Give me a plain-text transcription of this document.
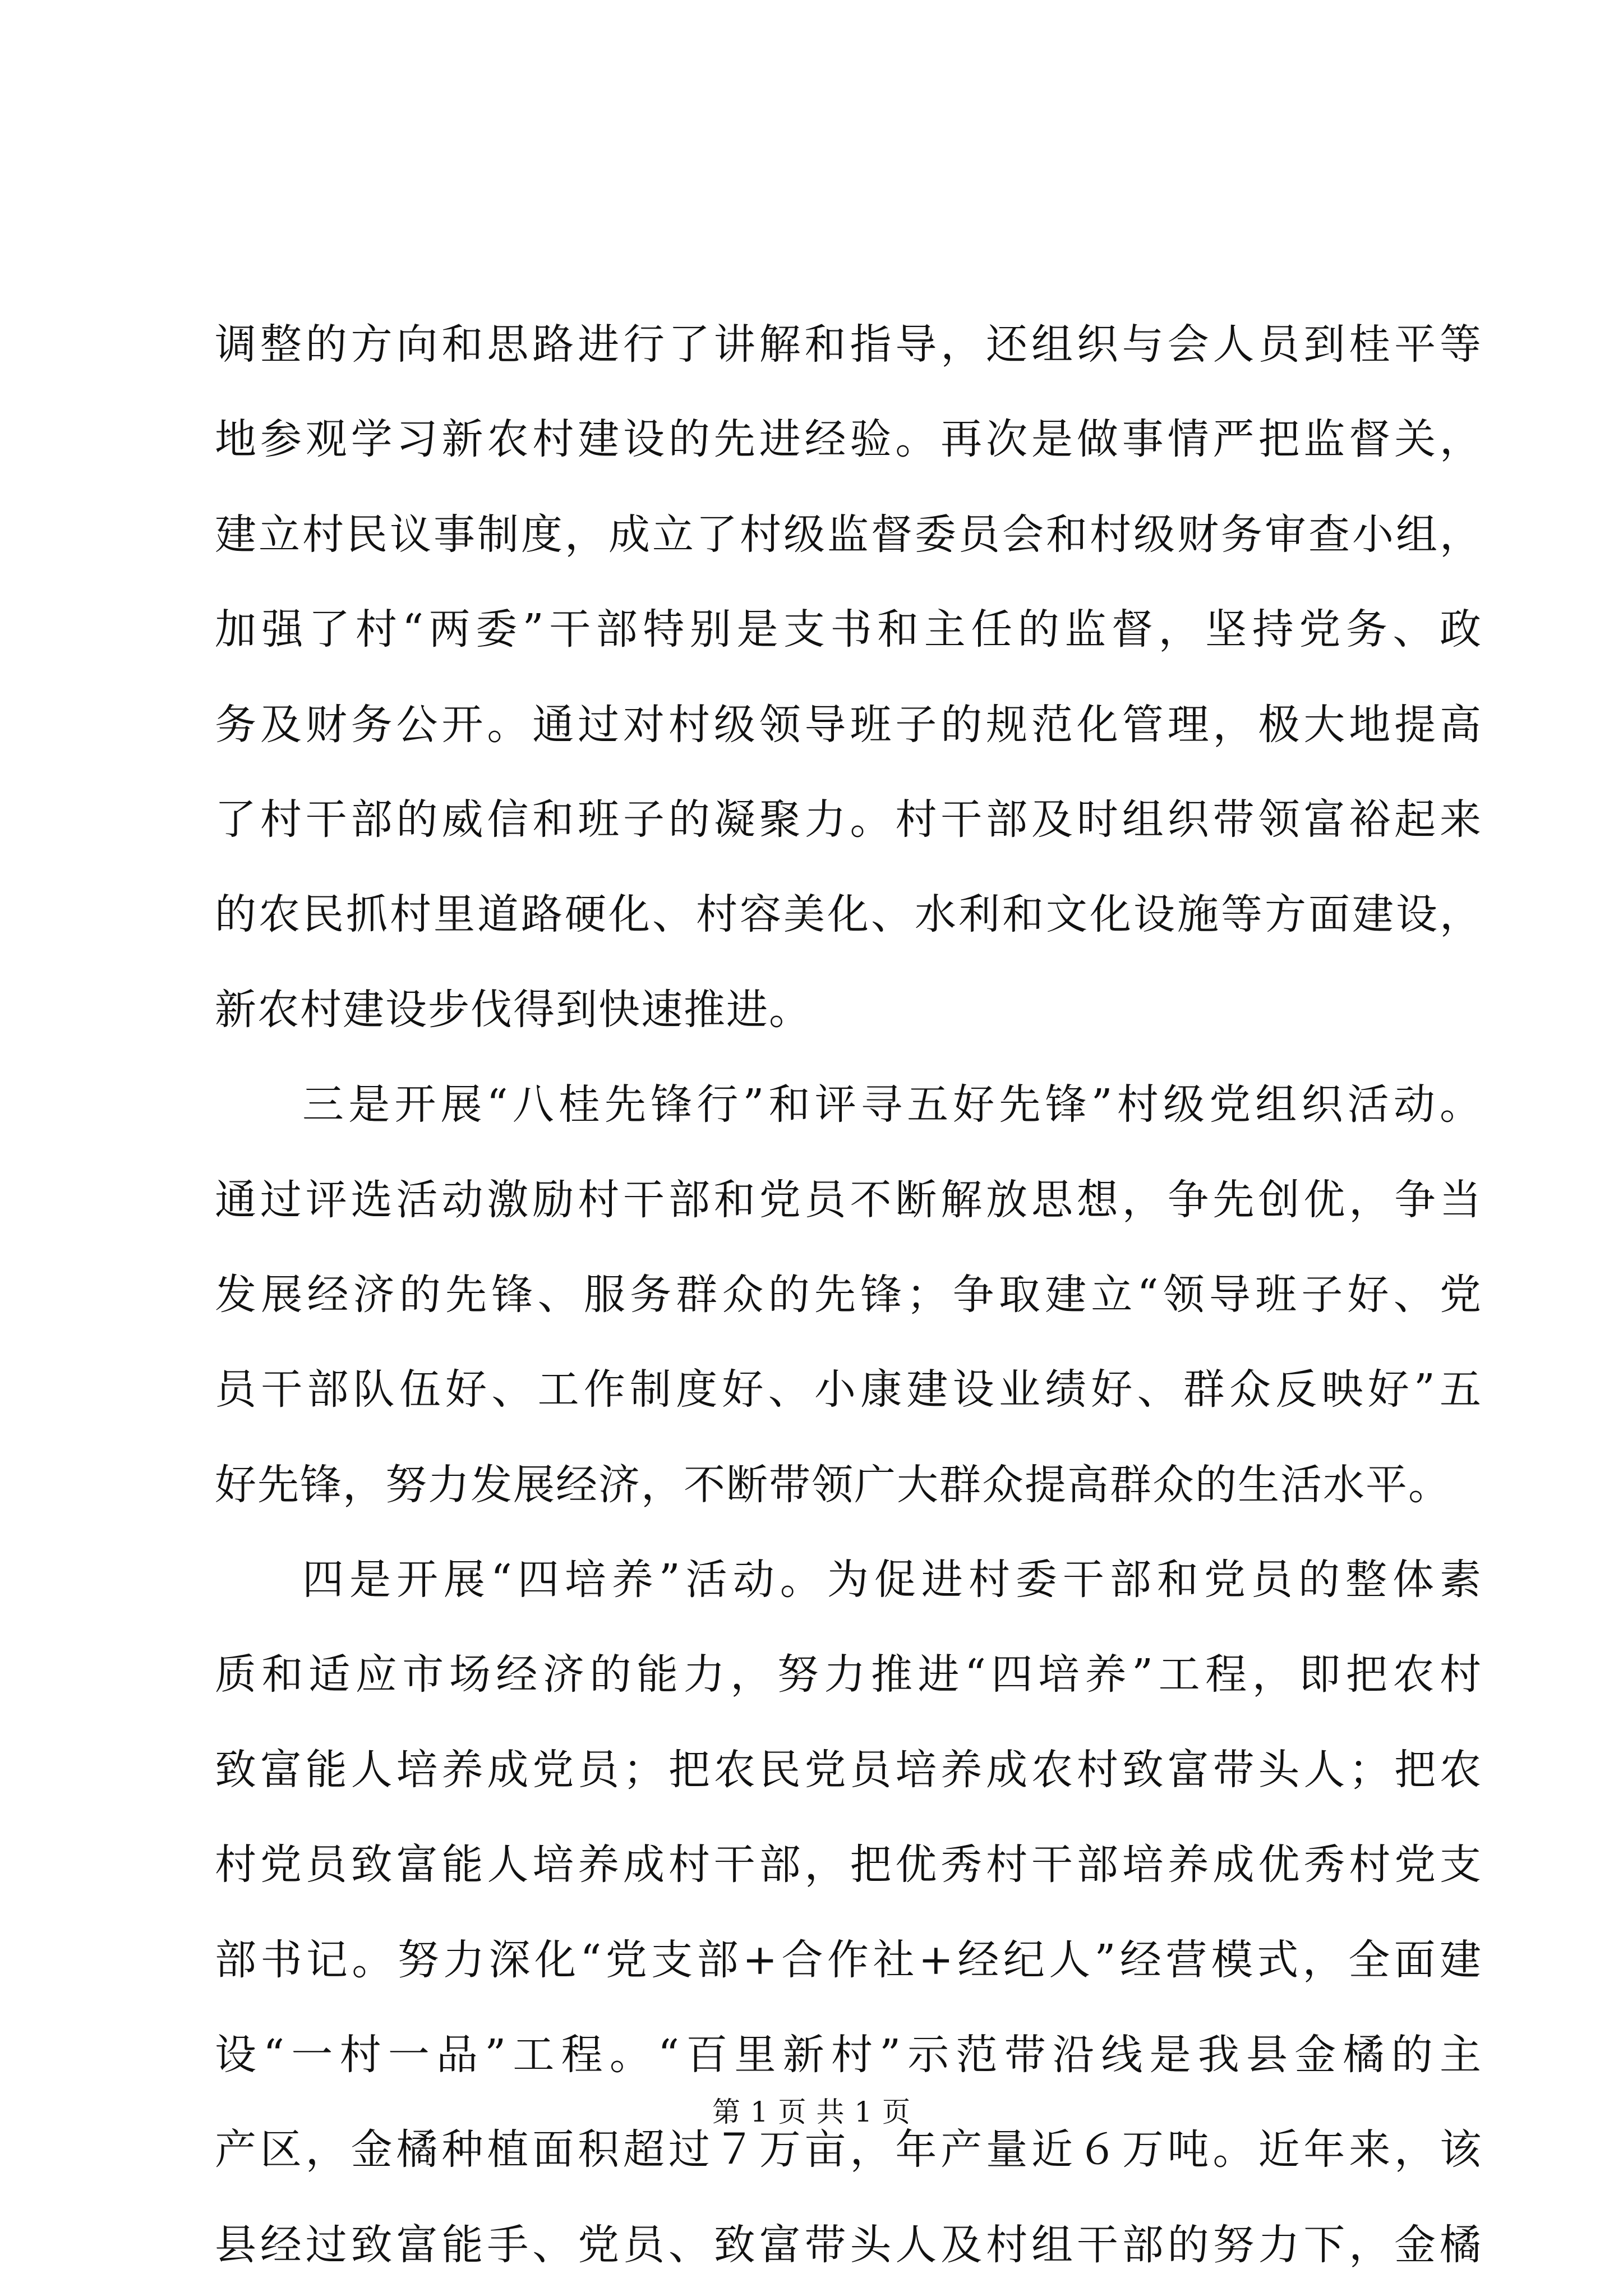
调整的方向和思路进行了讲解和指导，还组织与会人员到桂平等
地参观学习新农村建设的先进经验。再次是做事情严把监督关，
建立村民议事制度，成立了村级监督委员会和村级财务审查小组，
加强了村“两委”干部特别是支书和主任的监督，坚持党务、政
务及财务公开。通过对村级领导班子的规范化管理，极大地提高
了村干部的威信和班子的凝聚力。村干部及时组织带领富裕起来
的农民抓村里道路硬化、村容美化、水利和文化设施等方面建设，
新农村建设步伐得到快速推进。
三是开展“八桂先锋行”和评寻五好先锋”村级党组织活动。
通过评选活动激励村干部和党员不断解放思想，争先创优，争当
发展经济的先锋、服务群众的先锋；争取建立“领导班子好、党
员干部队伍好、工作制度好、小康建设业绩好、群众反映好”五
好先锋，努力发展经济，不断带领广大群众提高群众的生活水平。
四是开展“四培养”活动。为促进村委干部和党员的整体素
质和适应市场经济的能力，努力推进“四培养”工程，即把农村
致富能人培养成党员；把农民党员培养成农村致富带头人；把农
村党员致富能人培养成村干部，把优秀村干部培养成优秀村党支
部书记。努力深化“党支部+合作社+经纪人”经营模式，全面建
设“一村一品”工程。“百里新村”示范带沿线是我县金橘的主
产区，金橘种植面积超过７万亩，年产量近６万吨。近年来，该
县经过致富能手、党员、致富带头人及村组干部的努力下，金橘
第 1 页 共 1 页
